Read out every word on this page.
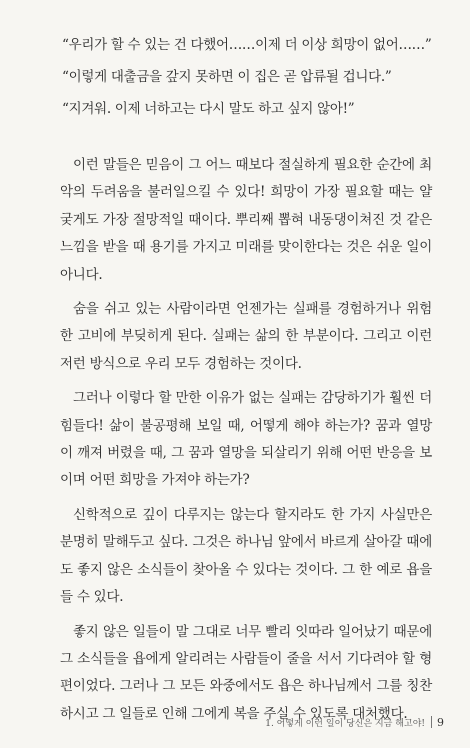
“우리가 할 수 있는 건 다했어……이제 더 이상 희망이 없어……”

“이렇게 대출금을 갚지 못하면 이 집은 곧 압류될 겁니다.”

“지겨워. 이제 너하고는 다시 말도 하고 싶지 않아!”

이런 말들은 믿음이 그 어느 때보다 절실하게 필요한 순간에 최악의 두려움을 불러일으킬 수 있다! 희망이 가장 필요할 때는 얄궂게도 가장 절망적일 때이다. 뿌리째 뽑혀 내동댕이쳐진 것 같은 느낌을 받을 때 용기를 가지고 미래를 맞이한다는 것은 쉬운 일이 아니다.

숨을 쉬고 있는 사람이라면 언젠가는 실패를 경험하거나 위험한 고비에 부딪히게 된다. 실패는 삶의 한 부분이다. 그리고 이런 저런 방식으로 우리 모두 경험하는 것이다.

그러나 이렇다 할 만한 이유가 없는 실패는 감당하기가 훨씬 더 힘들다! 삶이 불공평해 보일 때, 어떻게 해야 하는가? 꿈과 열망이 깨져 버렸을 때, 그 꿈과 열망을 되살리기 위해 어떤 반응을 보이며 어떤 희망을 가져야 하는가?

신학적으로 깊이 다루지는 않는다 할지라도 한 가지 사실만은 분명히 말해두고 싶다. 그것은 하나님 앞에서 바르게 살아갈 때에도 좋지 않은 소식들이 찾아올 수 있다는 것이다. 그 한 예로 욥을 들 수 있다.

좋지 않은 일들이 말 그대로 너무 빨리 잇따라 일어났기 때문에 그 소식들을 욥에게 알리려는 사람들이 줄을 서서 기다려야 할 형편이었다. 그러나 그 모든 와중에서도 욥은 하나님께서 그를 칭찬하시고 그 일들로 인해 그에게 복을 주실 수 있도록 대처했다.

1. 어떻게 이런 일이 당신은 지금 해고야! 9
